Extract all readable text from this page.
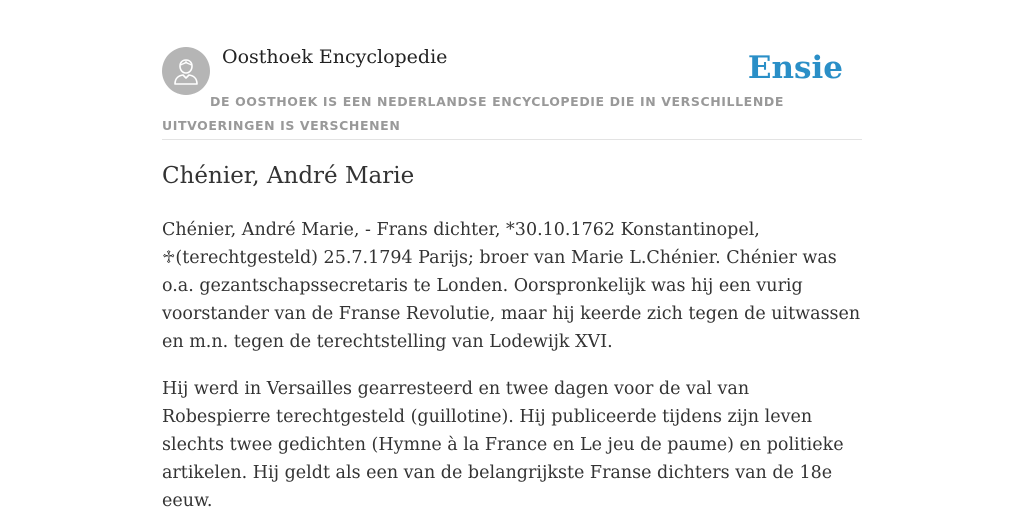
Oosthoek Encyclopedie	Ensie
DE OOSTHOEK IS EEN NEDERLANDSE ENCYCLOPEDIE DIE IN VERSCHILLENDE UITVOERINGEN IS VERSCHENEN
Chénier, André Marie

Chénier, André Marie, - Frans dichter, *30.10.1762 Konstantinopel, ♱(terechtgesteld) 25.7.1794 Parijs; broer van Marie L.Chénier. Chénier was o.a. gezantschapssecretaris te Londen. Oorspronkelijk was hij een vurig voorstander van de Franse Revolutie, maar hij keerde zich tegen de uitwassen en m.n. tegen de terechtstelling van Lodewijk XVI.

Hij werd in Versailles gearresteerd en twee dagen voor de val van Robespierre terechtgesteld (guillotine). Hij publiceerde tijdens zijn leven slechts twee gedichten (Hymne à la France en Le jeu de paume) en politieke artikelen. Hij geldt als een van de belangrijkste Franse dichters van de 18e eeuw.
